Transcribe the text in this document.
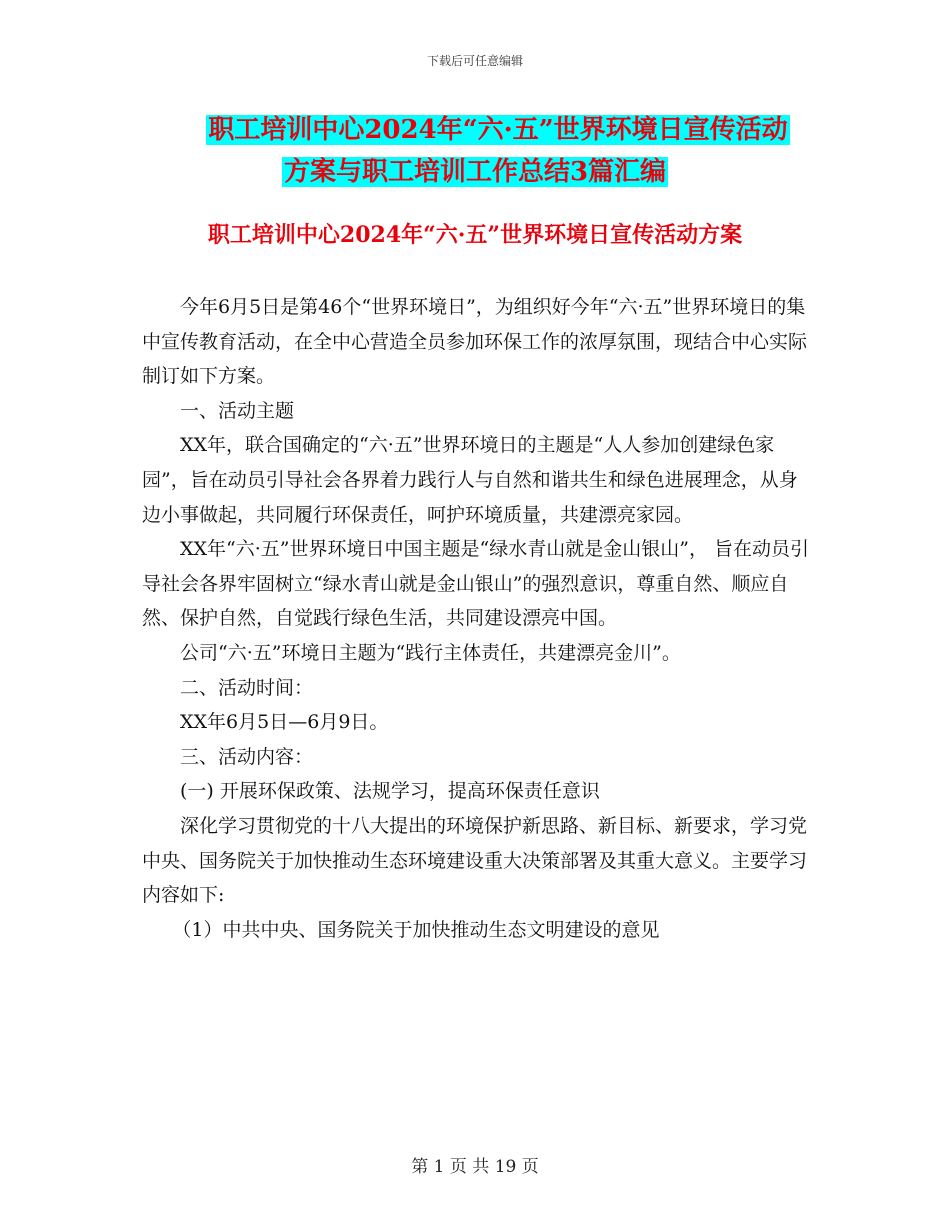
下载后可任意编辑
职工培训中心2024年“六·五”世界环境日宣传活动
方案与职工培训工作总结3篇汇编
职工培训中心2024年“六·五”世界环境日宣传活动方案

今年6月5日是第46个“世界环境日”，为组织好今年“六·五”世界环境日的集中宣传教育活动，在全中心营造全员参加环保工作的浓厚氛围，现结合中心实际制订如下方案。

一、活动主题

XX年，联合国确定的“六·五”世界环境日的主题是“人人参加创建绿色家园”，旨在动员引导社会各界着力践行人与自然和谐共生和绿色进展理念，从身边小事做起，共同履行环保责任，呵护环境质量，共建漂亮家园。

XX年“六·五”世界环境日中国主题是“绿水青山就是金山银山”， 旨在动员引导社会各界牢固树立“绿水青山就是金山银山”的强烈意识，尊重自然、顺应自然、保护自然，自觉践行绿色生活，共同建设漂亮中国。

公司“六·五”环境日主题为“践行主体责任，共建漂亮金川”。

二、活动时间：

XX年6月5日—6月9日。

三、活动内容：

(一) 开展环保政策、法规学习，提高环保责任意识

深化学习贯彻党的十八大提出的环境保护新思路、新目标、新要求，学习党中央、国务院关于加快推动生态环境建设重大决策部署及其重大意义。主要学习内容如下:

（1）中共中央、国务院关于加快推动生态文明建设的意见

第 1 页 共 19 页
